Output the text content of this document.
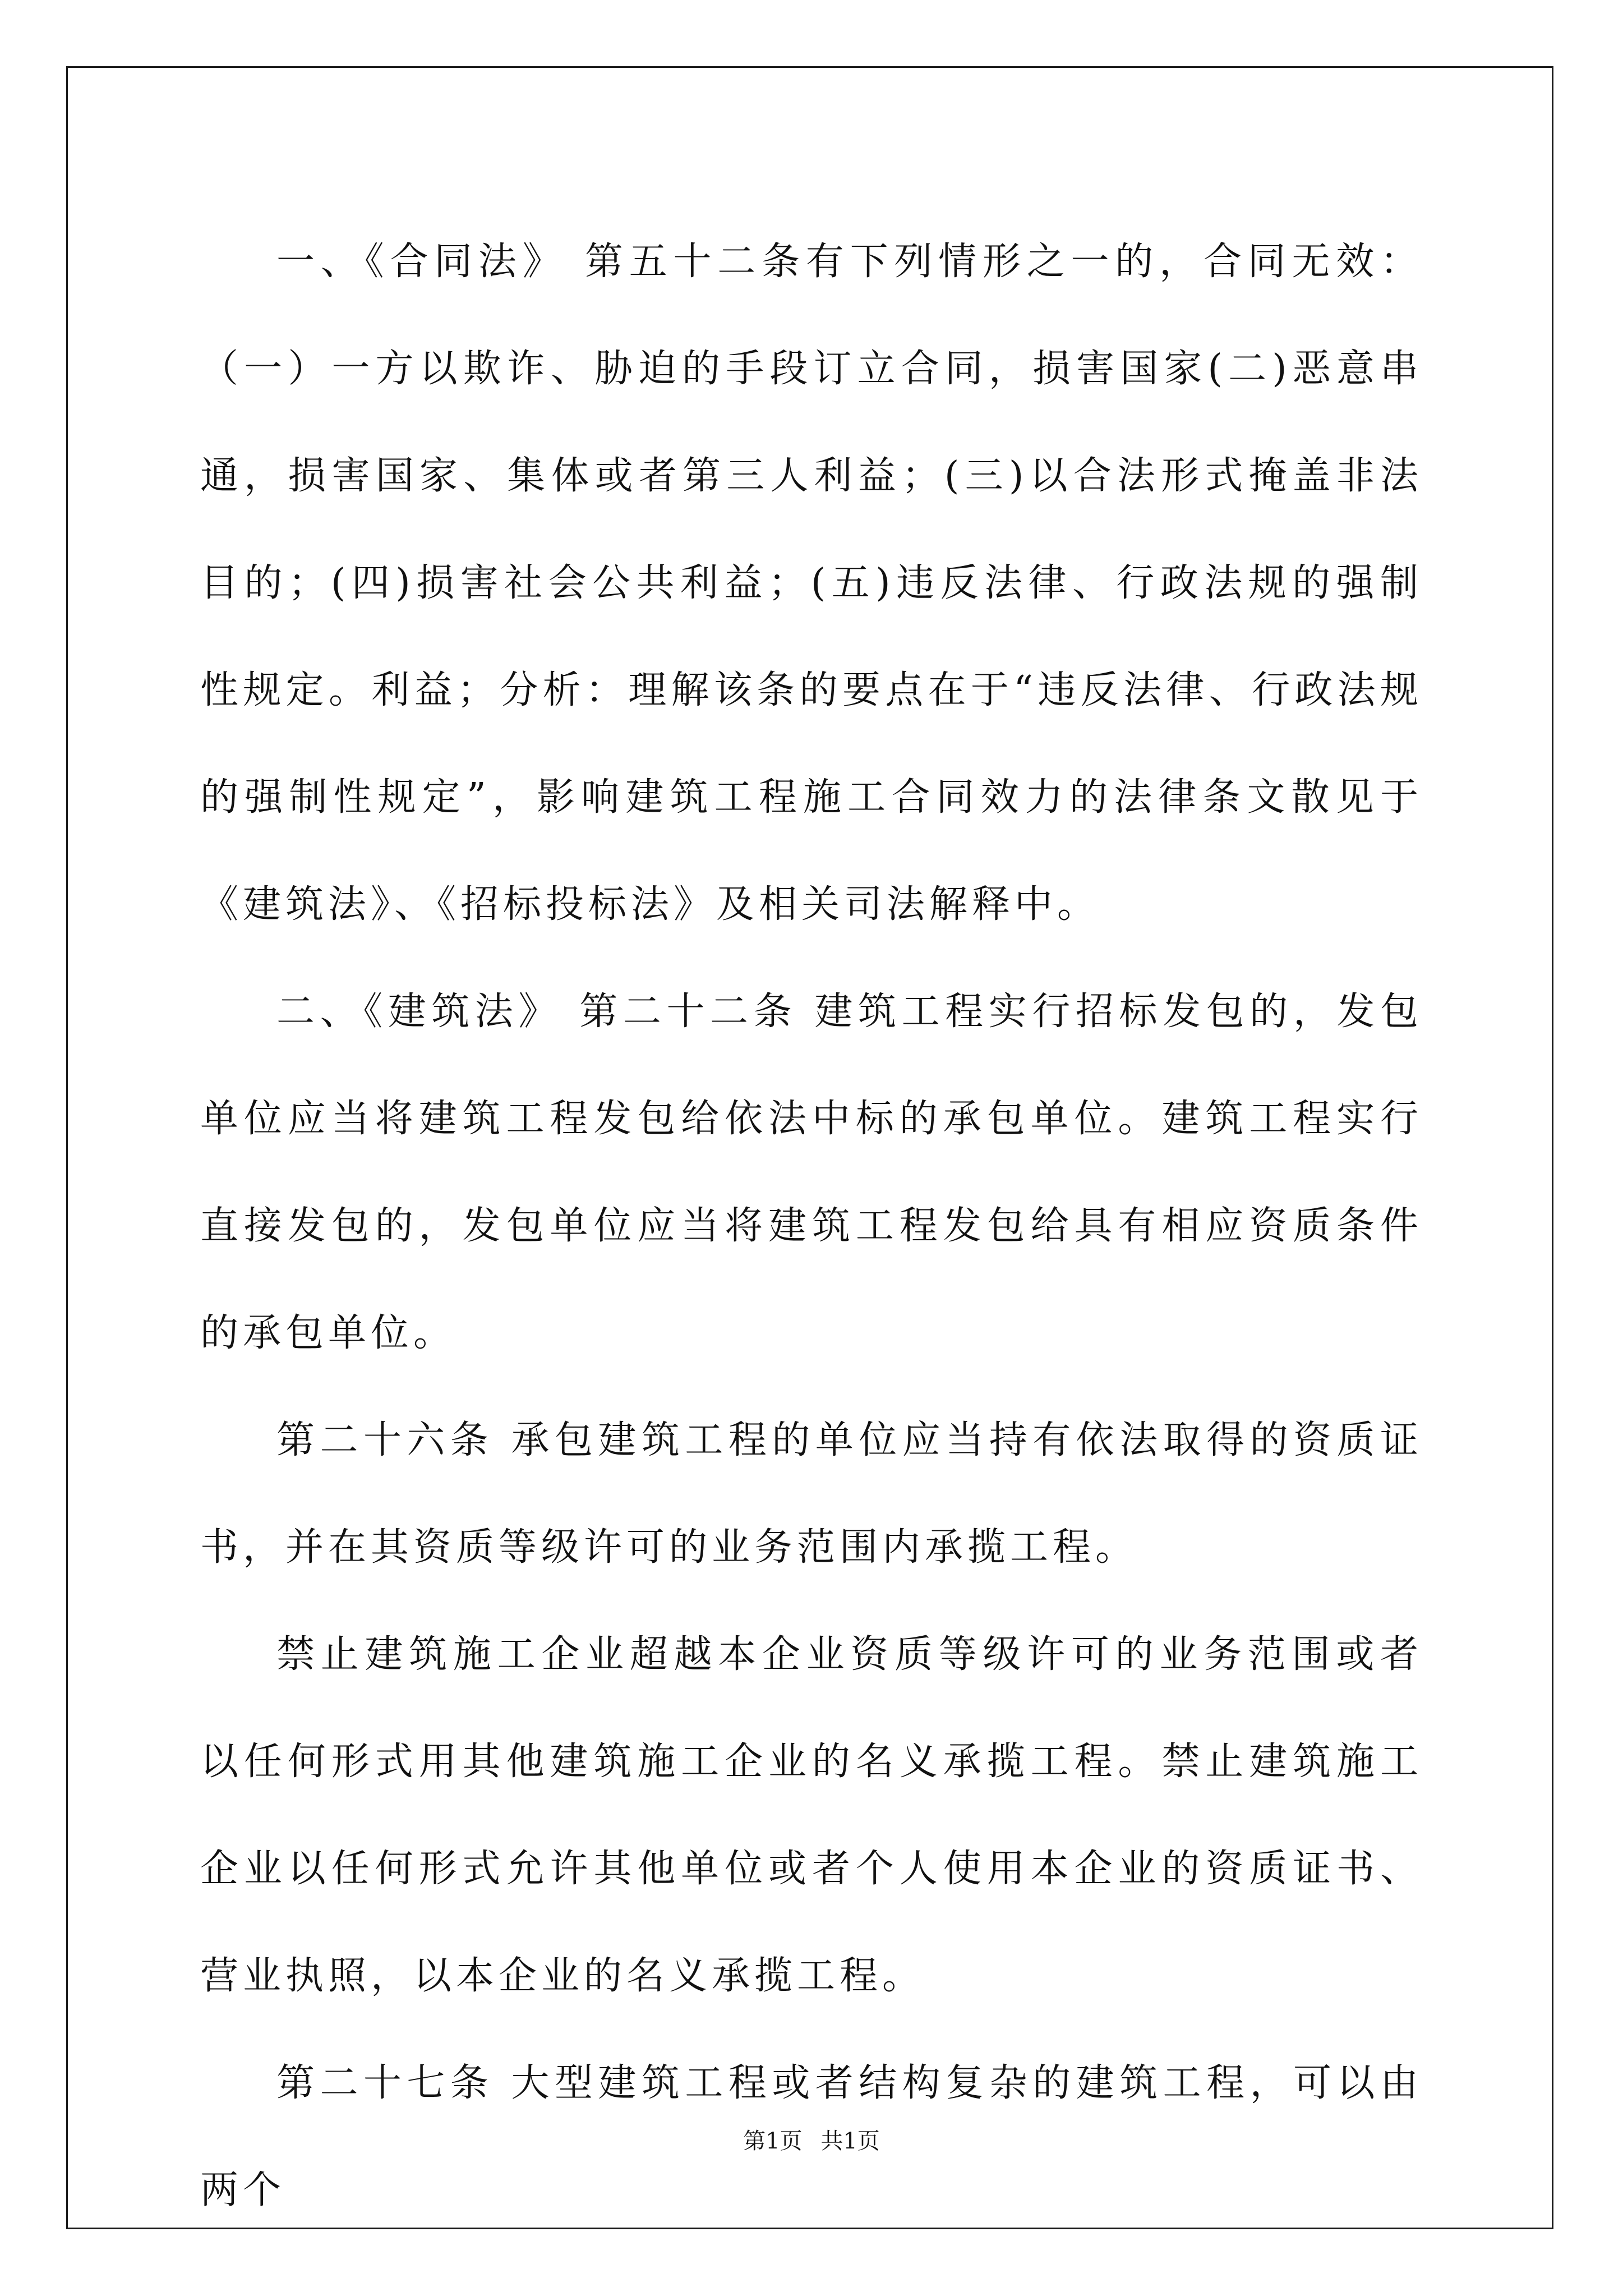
一、《合同法》 第五十二条有下列情形之一的，合同无效：（一）一方以欺诈、胁迫的手段订立合同，损害国家(二)恶意串通，损害国家、集体或者第三人利益；(三)以合法形式掩盖非法目的；(四)损害社会公共利益；(五)违反法律、行政法规的强制性规定。利益；分析：理解该条的要点在于“违反法律、行政法规的强制性规定”，影响建筑工程施工合同效力的法律条文散见于《建筑法》、《招标投标法》及相关司法解释中。

二、《建筑法》 第二十二条 建筑工程实行招标发包的，发包单位应当将建筑工程发包给依法中标的承包单位。建筑工程实行直接发包的，发包单位应当将建筑工程发包给具有相应资质条件的承包单位。

第二十六条 承包建筑工程的单位应当持有依法取得的资质证书，并在其资质等级许可的业务范围内承揽工程。

禁止建筑施工企业超越本企业资质等级许可的业务范围或者以任何形式用其他建筑施工企业的名义承揽工程。禁止建筑施工企业以任何形式允许其他单位或者个人使用本企业的资质证书、营业执照，以本企业的名义承揽工程。

第二十七条 大型建筑工程或者结构复杂的建筑工程，可以由两个

第1页 共1页
